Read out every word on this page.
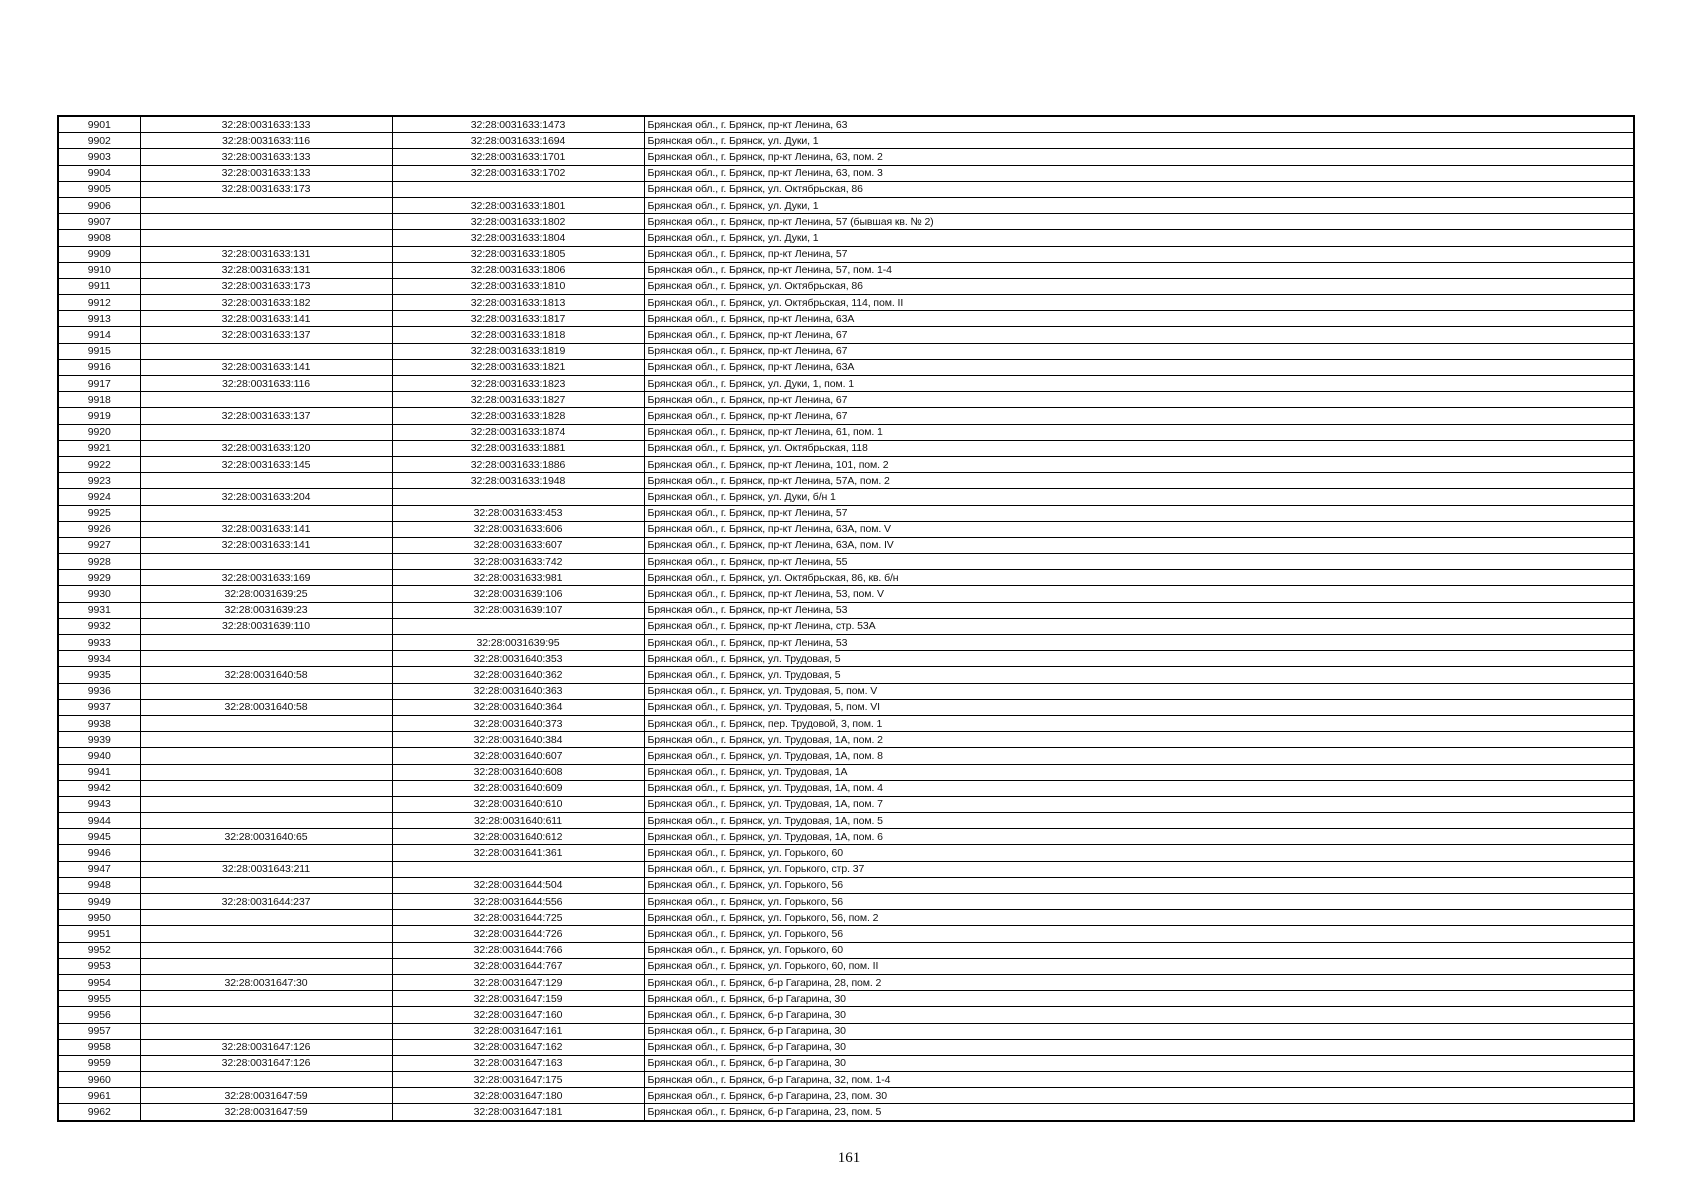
9901	32:28:0031633:133	32:28:0031633:1473	Брянская обл., г. Брянск, пр-кт Ленина, 63
9902	32:28:0031633:116	32:28:0031633:1694	Брянская обл., г. Брянск, ул. Дуки, 1
9903	32:28:0031633:133	32:28:0031633:1701	Брянская обл., г. Брянск, пр-кт Ленина, 63, пом. 2
9904	32:28:0031633:133	32:28:0031633:1702	Брянская обл., г. Брянск, пр-кт Ленина, 63, пом. 3
9905	32:28:0031633:173		Брянская обл., г. Брянск, ул. Октябрьская, 86
9906		32:28:0031633:1801	Брянская обл., г. Брянск, ул. Дуки, 1
9907		32:28:0031633:1802	Брянская обл., г. Брянск, пр-кт Ленина, 57 (бывшая кв. № 2)
9908		32:28:0031633:1804	Брянская обл., г. Брянск, ул. Дуки, 1
9909	32:28:0031633:131	32:28:0031633:1805	Брянская обл., г. Брянск, пр-кт Ленина, 57
9910	32:28:0031633:131	32:28:0031633:1806	Брянская обл., г. Брянск, пр-кт Ленина, 57, пом. 1-4
9911	32:28:0031633:173	32:28:0031633:1810	Брянская обл., г. Брянск, ул. Октябрьская, 86
9912	32:28:0031633:182	32:28:0031633:1813	Брянская обл., г. Брянск, ул. Октябрьская, 114, пом. II
9913	32:28:0031633:141	32:28:0031633:1817	Брянская обл., г. Брянск, пр-кт Ленина, 63А
9914	32:28:0031633:137	32:28:0031633:1818	Брянская обл., г. Брянск, пр-кт Ленина, 67
9915		32:28:0031633:1819	Брянская обл., г. Брянск, пр-кт Ленина, 67
9916	32:28:0031633:141	32:28:0031633:1821	Брянская обл., г. Брянск, пр-кт Ленина, 63А
9917	32:28:0031633:116	32:28:0031633:1823	Брянская обл., г. Брянск, ул. Дуки, 1, пом. 1
9918		32:28:0031633:1827	Брянская обл., г. Брянск, пр-кт Ленина, 67
9919	32:28:0031633:137	32:28:0031633:1828	Брянская обл., г. Брянск, пр-кт Ленина, 67
9920		32:28:0031633:1874	Брянская обл., г. Брянск, пр-кт Ленина, 61, пом. 1
9921	32:28:0031633:120	32:28:0031633:1881	Брянская обл., г. Брянск, ул. Октябрьская, 118
9922	32:28:0031633:145	32:28:0031633:1886	Брянская обл., г. Брянск, пр-кт Ленина, 101, пом. 2
9923		32:28:0031633:1948	Брянская обл., г. Брянск, пр-кт Ленина, 57А, пом. 2
9924	32:28:0031633:204		Брянская обл., г. Брянск, ул. Дуки, б/н 1
9925		32:28:0031633:453	Брянская обл., г. Брянск, пр-кт Ленина, 57
9926	32:28:0031633:141	32:28:0031633:606	Брянская обл., г. Брянск, пр-кт Ленина, 63А, пом. V
9927	32:28:0031633:141	32:28:0031633:607	Брянская обл., г. Брянск, пр-кт Ленина, 63А, пом. IV
9928		32:28:0031633:742	Брянская обл., г. Брянск, пр-кт Ленина, 55
9929	32:28:0031633:169	32:28:0031633:981	Брянская обл., г. Брянск, ул. Октябрьская, 86, кв. б/н
9930	32:28:0031639:25	32:28:0031639:106	Брянская обл., г. Брянск, пр-кт Ленина, 53, пом. V
9931	32:28:0031639:23	32:28:0031639:107	Брянская обл., г. Брянск, пр-кт Ленина, 53
9932	32:28:0031639:110		Брянская обл., г. Брянск, пр-кт Ленина, стр. 53А
9933		32:28:0031639:95	Брянская обл., г. Брянск, пр-кт Ленина, 53
9934		32:28:0031640:353	Брянская обл., г. Брянск, ул. Трудовая, 5
9935	32:28:0031640:58	32:28:0031640:362	Брянская обл., г. Брянск, ул. Трудовая, 5
9936		32:28:0031640:363	Брянская обл., г. Брянск, ул. Трудовая, 5, пом. V
9937	32:28:0031640:58	32:28:0031640:364	Брянская обл., г. Брянск, ул. Трудовая, 5, пом. VI
9938		32:28:0031640:373	Брянская обл., г. Брянск, пер. Трудовой, 3, пом. 1
9939		32:28:0031640:384	Брянская обл., г. Брянск, ул. Трудовая, 1А, пом. 2
9940		32:28:0031640:607	Брянская обл., г. Брянск, ул. Трудовая, 1А, пом. 8
9941		32:28:0031640:608	Брянская обл., г. Брянск, ул. Трудовая, 1А
9942		32:28:0031640:609	Брянская обл., г. Брянск, ул. Трудовая, 1А, пом. 4
9943		32:28:0031640:610	Брянская обл., г. Брянск, ул. Трудовая, 1А, пом. 7
9944		32:28:0031640:611	Брянская обл., г. Брянск, ул. Трудовая, 1А, пом. 5
9945	32:28:0031640:65	32:28:0031640:612	Брянская обл., г. Брянск, ул. Трудовая, 1А, пом. 6
9946		32:28:0031641:361	Брянская обл., г. Брянск, ул. Горького, 60
9947	32:28:0031643:211		Брянская обл., г. Брянск, ул. Горького, стр. 37
9948		32:28:0031644:504	Брянская обл., г. Брянск, ул. Горького, 56
9949	32:28:0031644:237	32:28:0031644:556	Брянская обл., г. Брянск, ул. Горького, 56
9950		32:28:0031644:725	Брянская обл., г. Брянск, ул. Горького, 56, пом. 2
9951		32:28:0031644:726	Брянская обл., г. Брянск, ул. Горького, 56
9952		32:28:0031644:766	Брянская обл., г. Брянск, ул. Горького, 60
9953		32:28:0031644:767	Брянская обл., г. Брянск, ул. Горького, 60, пом. II
9954	32:28:0031647:30	32:28:0031647:129	Брянская обл., г. Брянск, б-р Гагарина, 28, пом. 2
9955		32:28:0031647:159	Брянская обл., г. Брянск, б-р Гагарина, 30
9956		32:28:0031647:160	Брянская обл., г. Брянск, б-р Гагарина, 30
9957		32:28:0031647:161	Брянская обл., г. Брянск, б-р Гагарина, 30
9958	32:28:0031647:126	32:28:0031647:162	Брянская обл., г. Брянск, б-р Гагарина, 30
9959	32:28:0031647:126	32:28:0031647:163	Брянская обл., г. Брянск, б-р Гагарина, 30
9960		32:28:0031647:175	Брянская обл., г. Брянск, б-р Гагарина, 32, пом. 1-4
9961	32:28:0031647:59	32:28:0031647:180	Брянская обл., г. Брянск, б-р Гагарина, 23, пом. 30
9962	32:28:0031647:59	32:28:0031647:181	Брянская обл., г. Брянск, б-р Гагарина, 23, пом. 5
161
